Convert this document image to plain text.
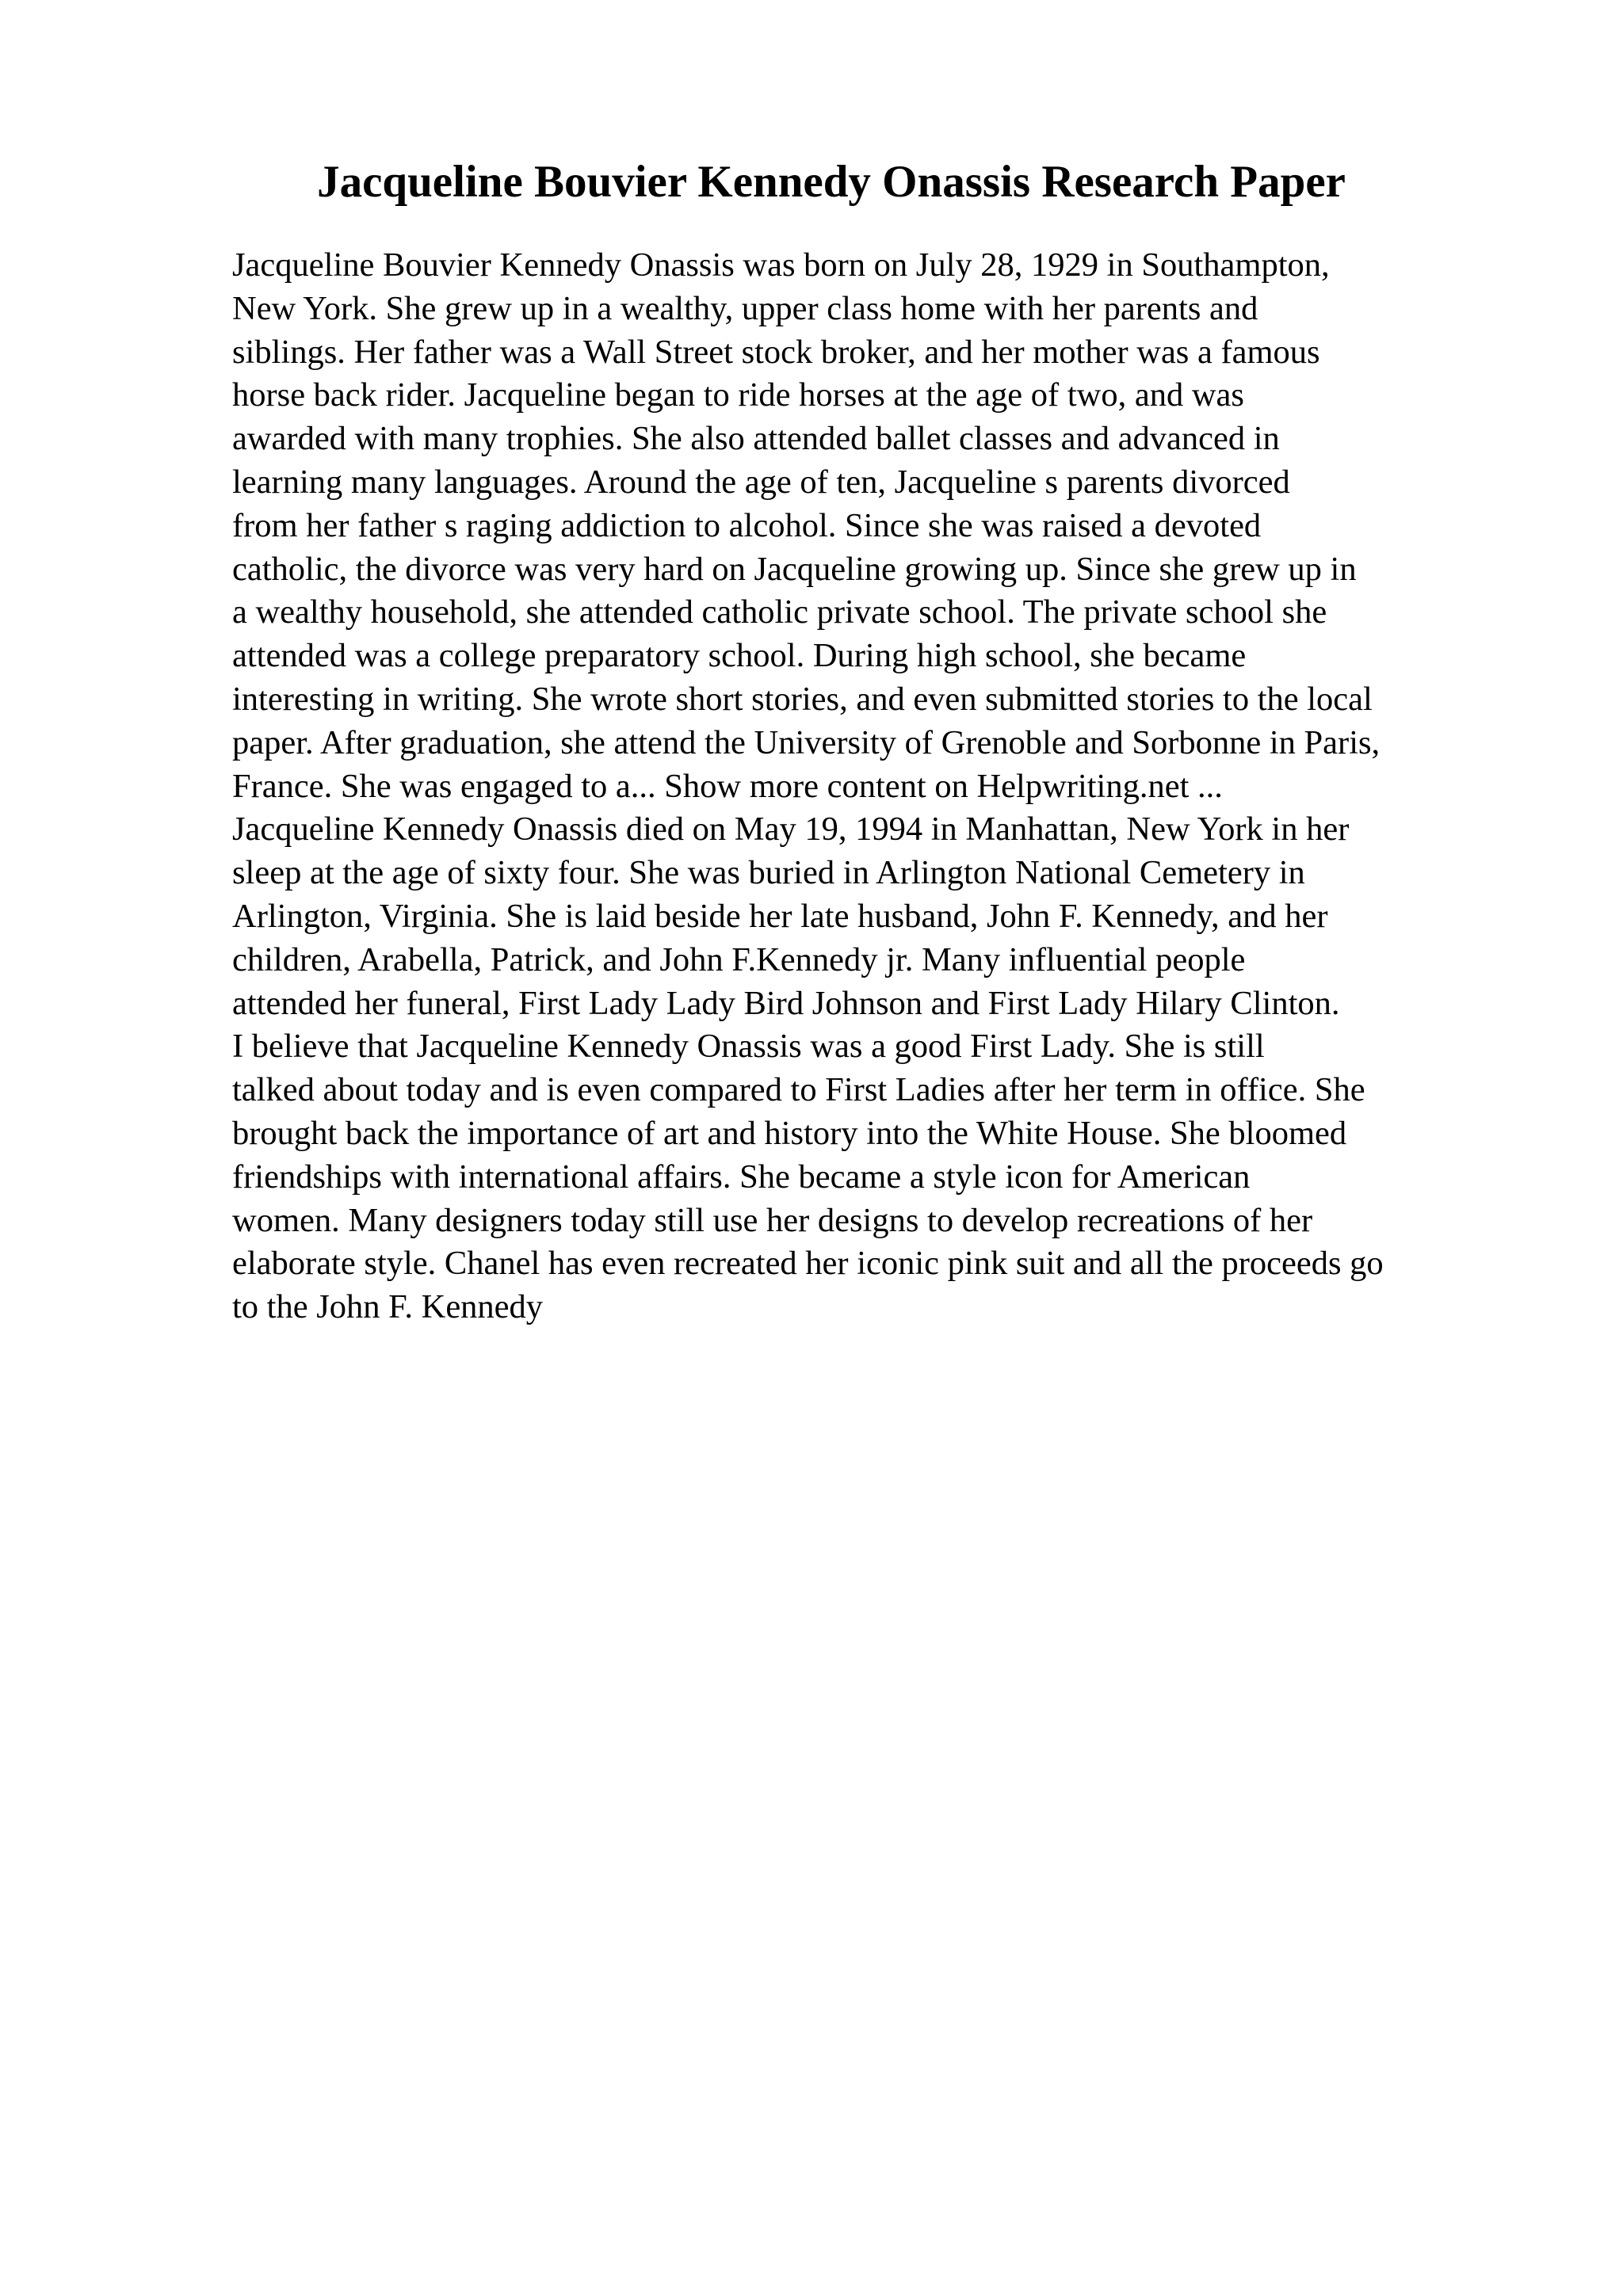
Jacqueline Bouvier Kennedy Onassis Research Paper
Jacqueline Bouvier Kennedy Onassis was born on July 28, 1929 in Southampton,
New York. She grew up in a wealthy, upper class home with her parents and
siblings. Her father was a Wall Street stock broker, and her mother was a famous
horse back rider. Jacqueline began to ride horses at the age of two, and was
awarded with many trophies. She also attended ballet classes and advanced in
learning many languages. Around the age of ten, Jacqueline s parents divorced
from her father s raging addiction to alcohol. Since she was raised a devoted
catholic, the divorce was very hard on Jacqueline growing up. Since she grew up in
a wealthy household, she attended catholic private school. The private school she
attended was a college preparatory school. During high school, she became
interesting in writing. She wrote short stories, and even submitted stories to the local
paper. After graduation, she attend the University of Grenoble and Sorbonne in Paris,
France. She was engaged to a... Show more content on Helpwriting.net ...
Jacqueline Kennedy Onassis died on May 19, 1994 in Manhattan, New York in her
sleep at the age of sixty four. She was buried in Arlington National Cemetery in
Arlington, Virginia. She is laid beside her late husband, John F. Kennedy, and her
children, Arabella, Patrick, and John F.Kennedy jr. Many influential people
attended her funeral, First Lady Lady Bird Johnson and First Lady Hilary Clinton.
I believe that Jacqueline Kennedy Onassis was a good First Lady. She is still
talked about today and is even compared to First Ladies after her term in office. She
brought back the importance of art and history into the White House. She bloomed
friendships with international affairs. She became a style icon for American
women. Many designers today still use her designs to develop recreations of her
elaborate style. Chanel has even recreated her iconic pink suit and all the proceeds go
to the John F. Kennedy
